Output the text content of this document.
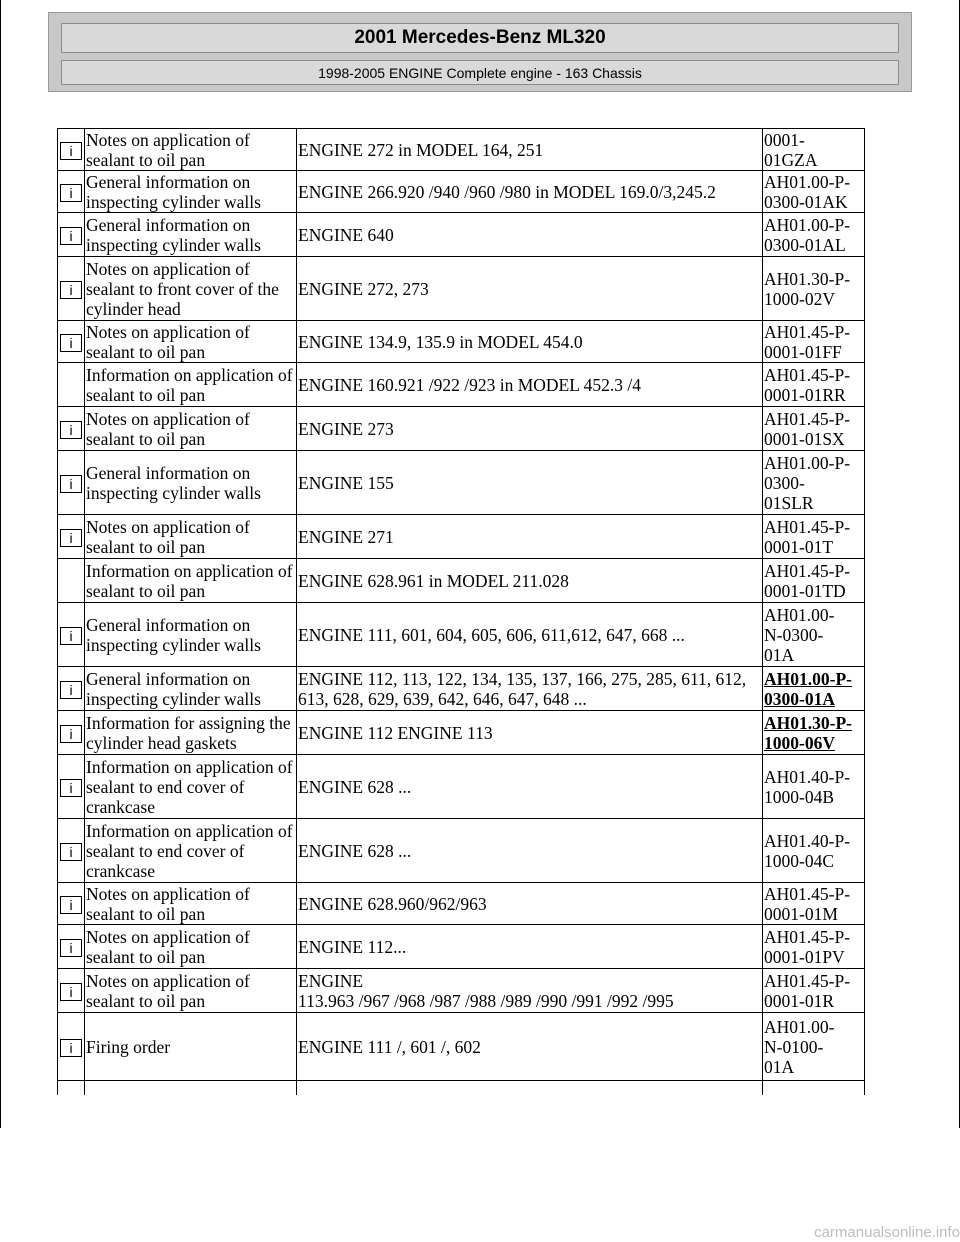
2001 Mercedes-Benz ML320
1998-2005 ENGINE Complete engine - 163 Chassis
i	Notes on application of sealant to oil pan	ENGINE 272 in MODEL 164, 251	0001-
01GZA
i	General information on inspecting cylinder walls	ENGINE 266.920 /940 /960 /980 in MODEL 169.0/3,245.2	AH01.00-P-
0300-01AK
i	General information on inspecting cylinder walls	ENGINE 640	AH01.00-P-
0300-01AL
i	Notes on application of sealant to front cover of the cylinder head	ENGINE 272, 273	AH01.30-P-
1000-02V
i	Notes on application of sealant to oil pan	ENGINE 134.9, 135.9 in MODEL 454.0	AH01.45-P-
0001-01FF
	Information on application of sealant to oil pan	ENGINE 160.921 /922 /923 in MODEL 452.3 /4	AH01.45-P-
0001-01RR
i	Notes on application of sealant to oil pan	ENGINE 273	AH01.45-P-
0001-01SX
i	General information on inspecting cylinder walls	ENGINE 155	AH01.00-P-
0300-
01SLR
i	Notes on application of sealant to oil pan	ENGINE 271	AH01.45-P-
0001-01T
	Information on application of sealant to oil pan	ENGINE 628.961 in MODEL 211.028	AH01.45-P-
0001-01TD
i	General information on inspecting cylinder walls	ENGINE 111, 601, 604, 605, 606, 611,612, 647, 668 ...	AH01.00-
N-0300-
01A
i	General information on inspecting cylinder walls	ENGINE 112, 113, 122, 134, 135, 137, 166, 275, 285, 611, 612, 613, 628, 629, 639, 642, 646, 647, 648 ...	AH01.00-P-
0300-01A
i	Information for assigning the cylinder head gaskets	ENGINE 112 ENGINE 113	AH01.30-P-
1000-06V
i	Information on application of sealant to end cover of crankcase	ENGINE 628 ...	AH01.40-P-
1000-04B
i	Information on application of sealant to end cover of crankcase	ENGINE 628 ...	AH01.40-P-
1000-04C
i	Notes on application of sealant to oil pan	ENGINE 628.960/962/963	AH01.45-P-
0001-01M
i	Notes on application of sealant to oil pan	ENGINE 112...	AH01.45-P-
0001-01PV
i	Notes on application of sealant to oil pan	ENGINE
113.963 /967 /968 /987 /988 /989 /990 /991 /992 /995	AH01.45-P-
0001-01R
i	Firing order	ENGINE 111 /, 601 /, 602	AH01.00-
N-0100-
01A

carmanualsonline.info
